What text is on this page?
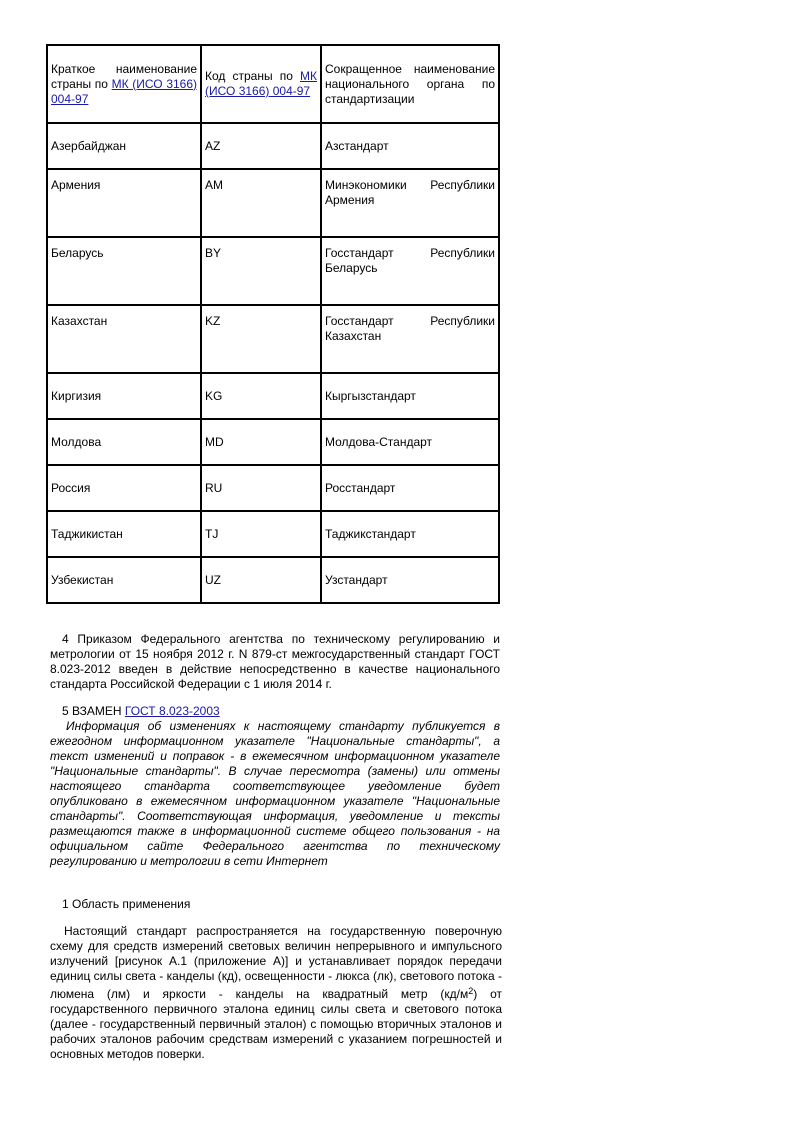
Краткое наименование страны по МК (ИСО 3166) 004-97	Код страны по МК (ИСО 3166) 004-97	Сокращенное наименование национального органа по стандартизации
Азербайджан	AZ	Азстандарт
Армения	AM	Минэкономики Республики Армения
Беларусь	BY	Госстандарт Республики Беларусь
Казахстан	KZ	Госстандарт Республики Казахстан
Киргизия	KG	Кыргызстандарт
Молдова	MD	Молдова-Стандарт
Россия	RU	Росстандарт
Таджикистан	TJ	Таджикстандарт
Узбекистан	UZ	Узстандарт

4 Приказом Федерального агентства по техническому регулированию и метрологии от 15 ноября 2012 г. N 879-ст межгосударственный стандарт ГОСТ 8.023-2012 введен в действие непосредственно в качестве национального стандарта Российской Федерации с 1 июля 2014 г.

5 ВЗАМЕН ГОСТ 8.023-2003

Информация об изменениях к настоящему стандарту публикуется в ежегодном информационном указателе "Национальные стандарты", а текст изменений и поправок - в ежемесячном информационном указателе "Национальные стандарты". В случае пересмотра (замены) или отмены настоящего стандарта соответствующее уведомление будет опубликовано в ежемесячном информационном указателе "Национальные стандарты". Соответствующая информация, уведомление и тексты размещаются также в информационной системе общего пользования - на официальном сайте Федерального агентства по техническому регулированию и метрологии в сети Интернет

1 Область применения

Настоящий стандарт распространяется на государственную поверочную схему для средств измерений световых величин непрерывного и импульсного излучений [рисунок А.1 (приложение А)] и устанавливает порядок передачи единиц силы света - канделы (кд), освещенности - люкса (лк), светового потока - люмена (лм) и яркости - канделы на квадратный метр $(кд/м^2)$ от государственного первичного эталона единиц силы света и светового потока (далее - государственный первичный эталон) с помощью вторичных эталонов и рабочих эталонов рабочим средствам измерений с указанием погрешностей и основных методов поверки.
